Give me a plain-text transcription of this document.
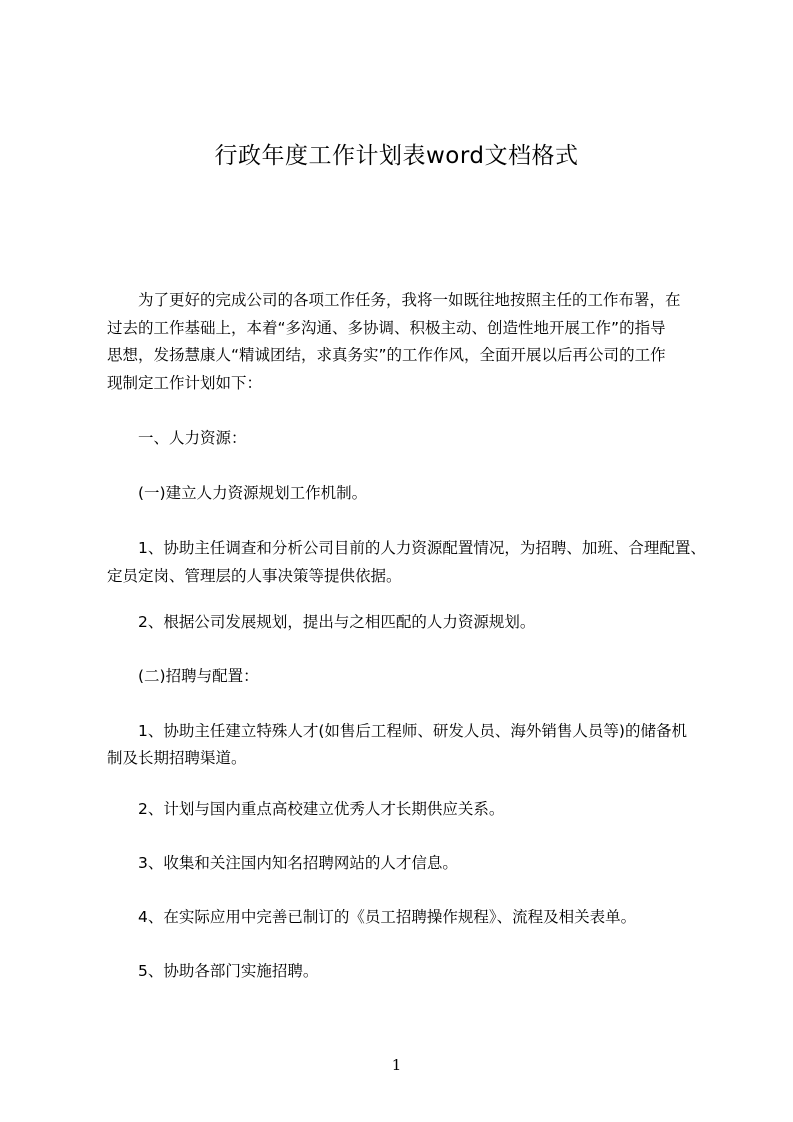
行政年度工作计划表word文档格式
为了更好的完成公司的各项工作任务，我将一如既往地按照主任的工作布署，在
过去的工作基础上，本着“多沟通、多协调、积极主动、创造性地开展工作”的指导
思想，发扬慧康人“精诚团结，求真务实”的工作作风，全面开展以后再公司的工作
现制定工作计划如下：
一、人力资源：
(一)建立人力资源规划工作机制。
1、协助主任调查和分析公司目前的人力资源配置情况，为招聘、加班、合理配置、
定员定岗、管理层的人事决策等提供依据。
2、根据公司发展规划，提出与之相匹配的人力资源规划。
(二)招聘与配置：
1、协助主任建立特殊人才(如售后工程师、研发人员、海外销售人员等)的储备机
制及长期招聘渠道。
2、计划与国内重点高校建立优秀人才长期供应关系。
3、收集和关注国内知名招聘网站的人才信息。
4、在实际应用中完善已制订的《员工招聘操作规程》、流程及相关表单。
5、协助各部门实施招聘。
1
